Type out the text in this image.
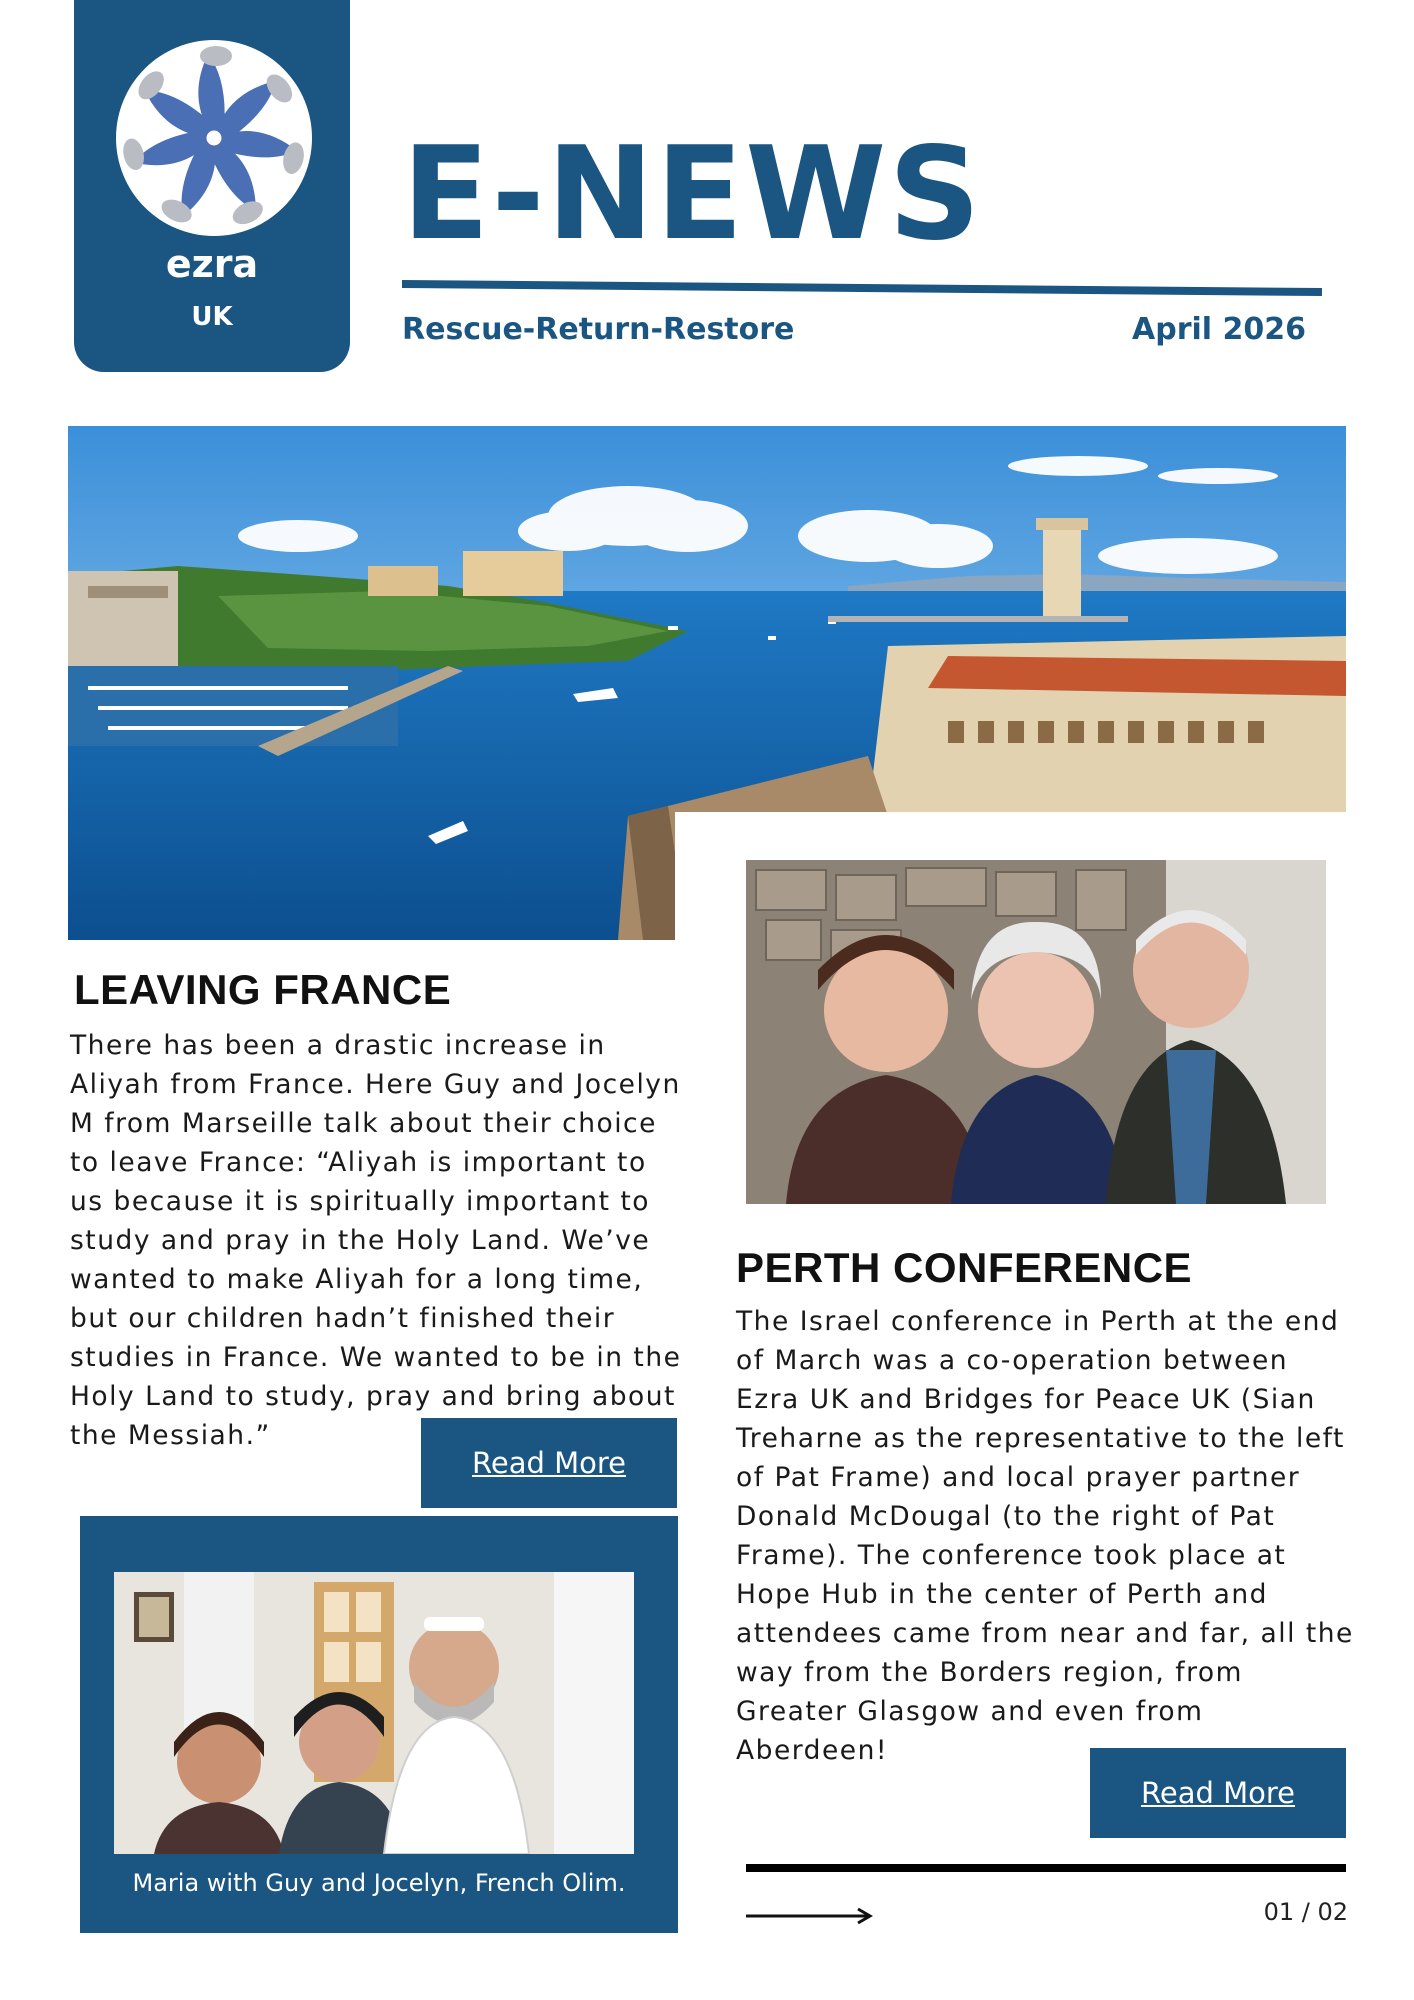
ezra
UK
E-NEWS
Rescue-Return-Restore	April 2026
LEAVING FRANCE

There has been a drastic increase in Aliyah from France. Here Guy and Jocelyn M from Marseille talk about their choice to leave France: “Aliyah is important to us because it is spiritually important to study and pray in the Holy Land. We’ve wanted to make Aliyah for a long time, but our children hadn’t finished their studies in France. We wanted to be in the Holy Land to study, pray and bring about the Messiah.”

Read More
Maria with Guy and Jocelyn, French Olim.
PERTH CONFERENCE

The Israel conference in Perth at the end of March was a co-operation between Ezra UK and Bridges for Peace UK (Sian Treharne as the representative to the left of Pat Frame) and local prayer partner Donald McDougal (to the right of Pat Frame). The conference took place at Hope Hub in the center of Perth and attendees came from near and far, all the way from the Borders region, from Greater Glasgow and even from Aberdeen!

Read More
01 / 02
